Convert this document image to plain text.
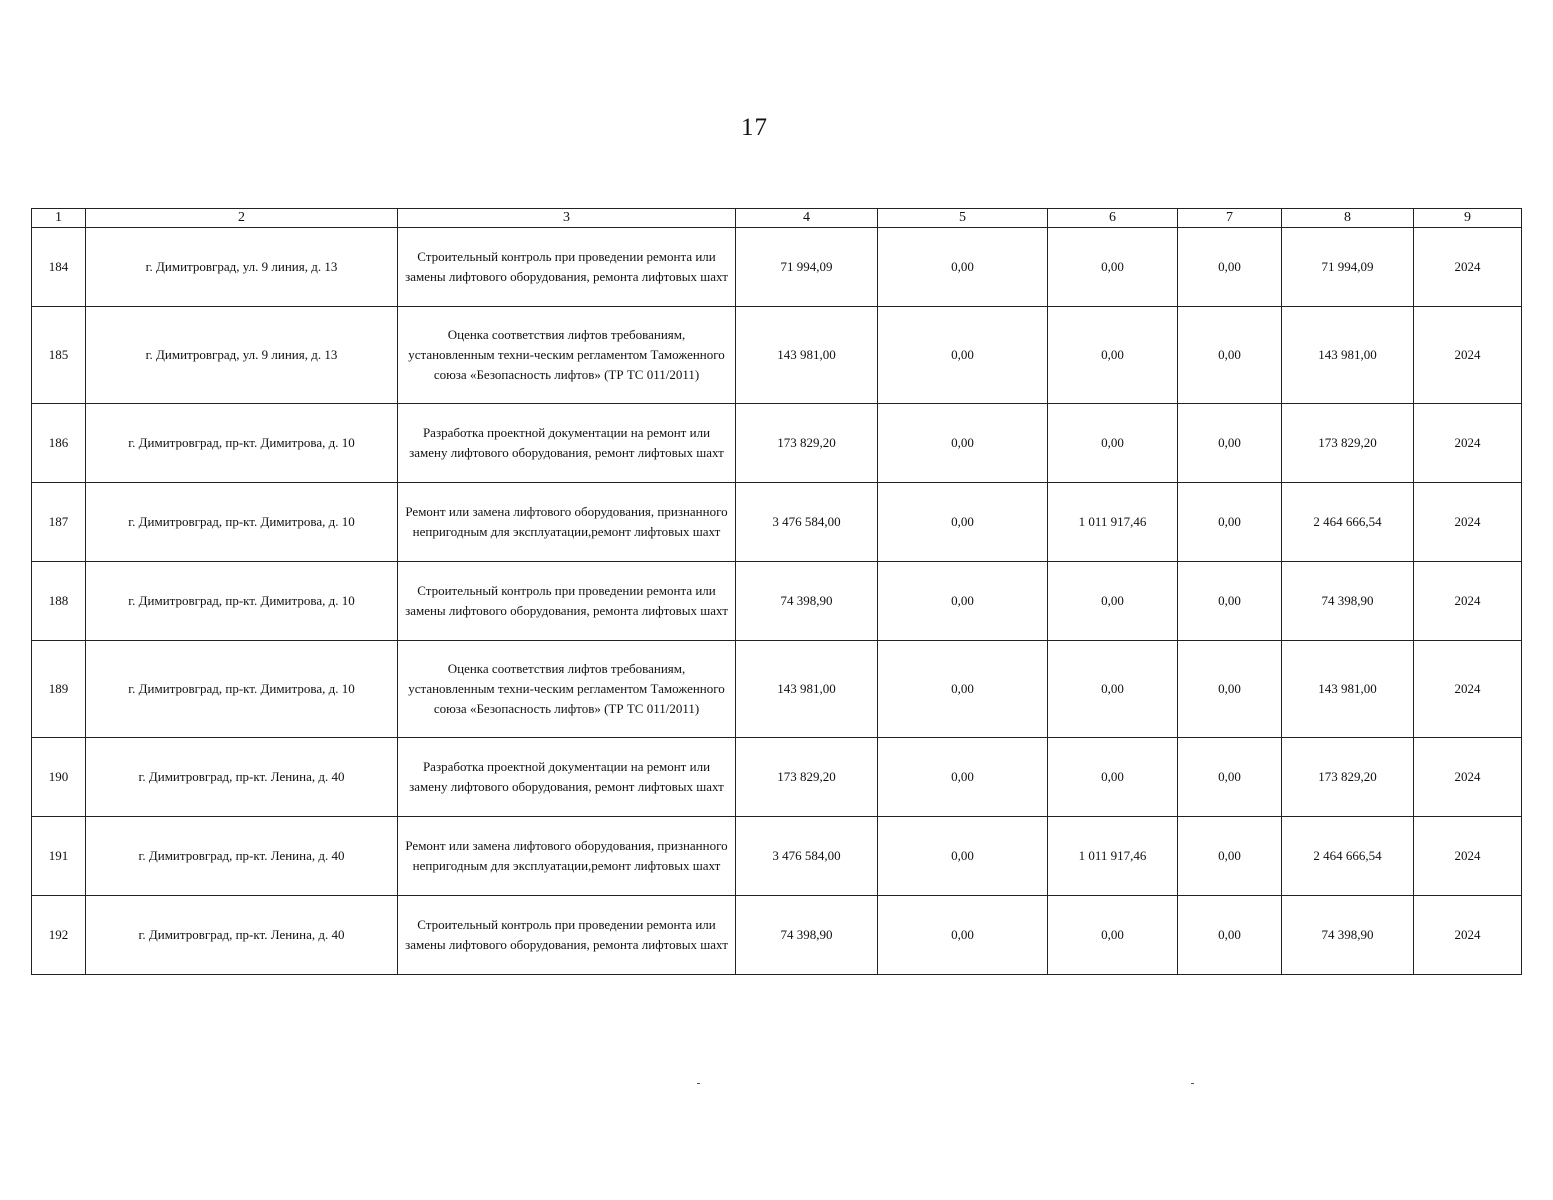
17
1	2	3	4	5	6	7	8	9
184	г. Димитровград, ул. 9 линия, д. 13	Строительный контроль при проведении ремонта или замены лифтового оборудования, ремонта лифтовых шахт	71 994,09	0,00	0,00	0,00	71 994,09	2024
185	г. Димитровград, ул. 9 линия, д. 13	Оценка соответствия лифтов требованиям, установленным техни-ческим регламентом Таможенного союза «Безопасность лифтов» (ТР ТС 011/2011)	143 981,00	0,00	0,00	0,00	143 981,00	2024
186	г. Димитровград, пр-кт. Димитрова, д. 10	Разработка проектной документации на ремонт или замену лифтового оборудования, ремонт лифтовых шахт	173 829,20	0,00	0,00	0,00	173 829,20	2024
187	г. Димитровград, пр-кт. Димитрова, д. 10	Ремонт или замена лифтового оборудования, признанного непригодным для эксплуатации,ремонт лифтовых шахт	3 476 584,00	0,00	1 011 917,46	0,00	2 464 666,54	2024
188	г. Димитровград, пр-кт. Димитрова, д. 10	Строительный контроль при проведении ремонта или замены лифтового оборудования, ремонта лифтовых шахт	74 398,90	0,00	0,00	0,00	74 398,90	2024
189	г. Димитровград, пр-кт. Димитрова, д. 10	Оценка соответствия лифтов требованиям, установленным техни-ческим регламентом Таможенного союза «Безопасность лифтов» (ТР ТС 011/2011)	143 981,00	0,00	0,00	0,00	143 981,00	2024
190	г. Димитровград, пр-кт. Ленина, д. 40	Разработка проектной документации на ремонт или замену лифтового оборудования, ремонт лифтовых шахт	173 829,20	0,00	0,00	0,00	173 829,20	2024
191	г. Димитровград, пр-кт. Ленина, д. 40	Ремонт или замена лифтового оборудования, признанного непригодным для эксплуатации,ремонт лифтовых шахт	3 476 584,00	0,00	1 011 917,46	0,00	2 464 666,54	2024
192	г. Димитровград, пр-кт. Ленина, д. 40	Строительный контроль при проведении ремонта или замены лифтового оборудования, ремонта лифтовых шахт	74 398,90	0,00	0,00	0,00	74 398,90	2024
